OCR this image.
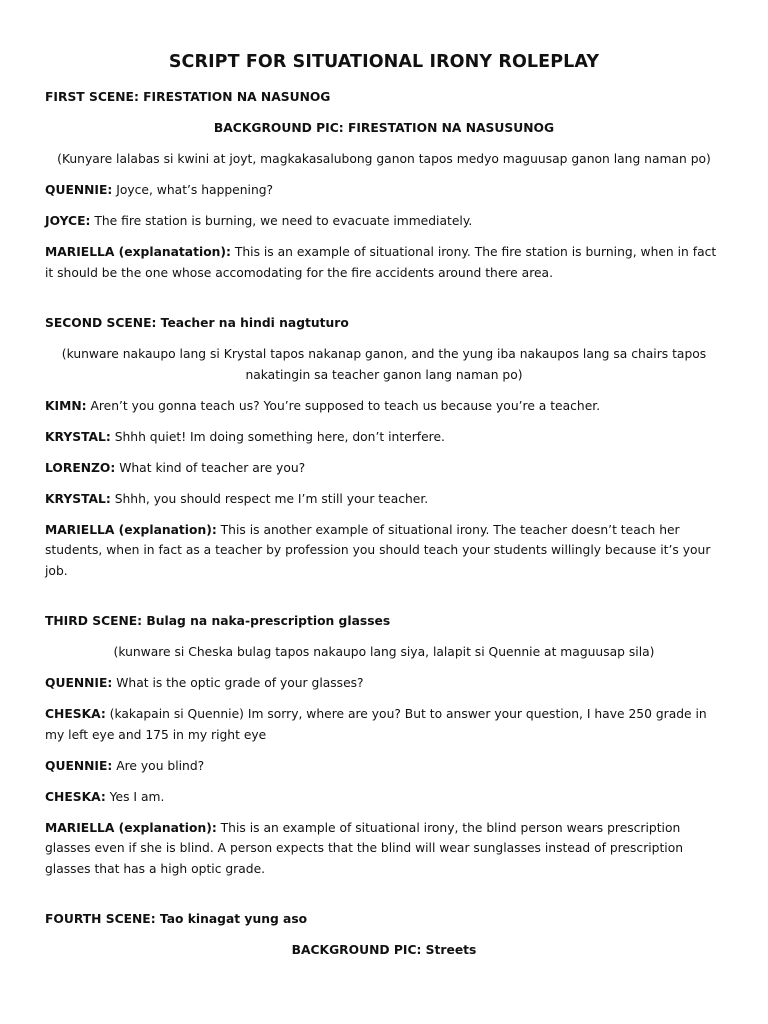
SCRIPT FOR SITUATIONAL IRONY ROLEPLAY

FIRST SCENE: FIRESTATION NA NASUNOG

BACKGROUND PIC: FIRESTATION NA NASUSUNOG

(Kunyare lalabas si kwini at joyt, magkakasalubong ganon tapos medyo maguusap ganon lang naman po)

QUENNIE: Joyce, what’s happening?

JOYCE: The fire station is burning, we need to evacuate immediately.

MARIELLA (explanatation): This is an example of situational irony. The fire station is burning, when in fact it should be the one whose accomodating for the fire accidents around there area.

SECOND SCENE: Teacher na hindi nagtuturo

(kunware nakaupo lang si Krystal tapos nakanap ganon, and the yung iba nakaupos lang sa chairs tapos nakatingin sa teacher ganon lang naman po)

KIMN: Aren’t you gonna teach us? You’re supposed to teach us because you’re a teacher.

KRYSTAL: Shhh quiet! Im doing something here, don’t interfere.

LORENZO: What kind of teacher are you?

KRYSTAL: Shhh, you should respect me I’m still your teacher.

MARIELLA (explanation): This is another example of situational irony. The teacher doesn’t teach her students, when in fact as a teacher by profession you should teach your students willingly because it’s your job.

THIRD SCENE: Bulag na naka-prescription glasses

(kunware si Cheska bulag tapos nakaupo lang siya, lalapit si Quennie at maguusap sila)

QUENNIE: What is the optic grade of your glasses?

CHESKA: (kakapain si Quennie) Im sorry, where are you? But to answer your question, I have 250 grade in my left eye and 175 in my right eye

QUENNIE: Are you blind?

CHESKA: Yes I am.

MARIELLA (explanation): This is an example of situational irony, the blind person wears prescription glasses even if she is blind. A person expects that the blind will wear sunglasses instead of prescription glasses that has a high optic grade.

FOURTH SCENE: Tao kinagat yung aso

BACKGROUND PIC: Streets
